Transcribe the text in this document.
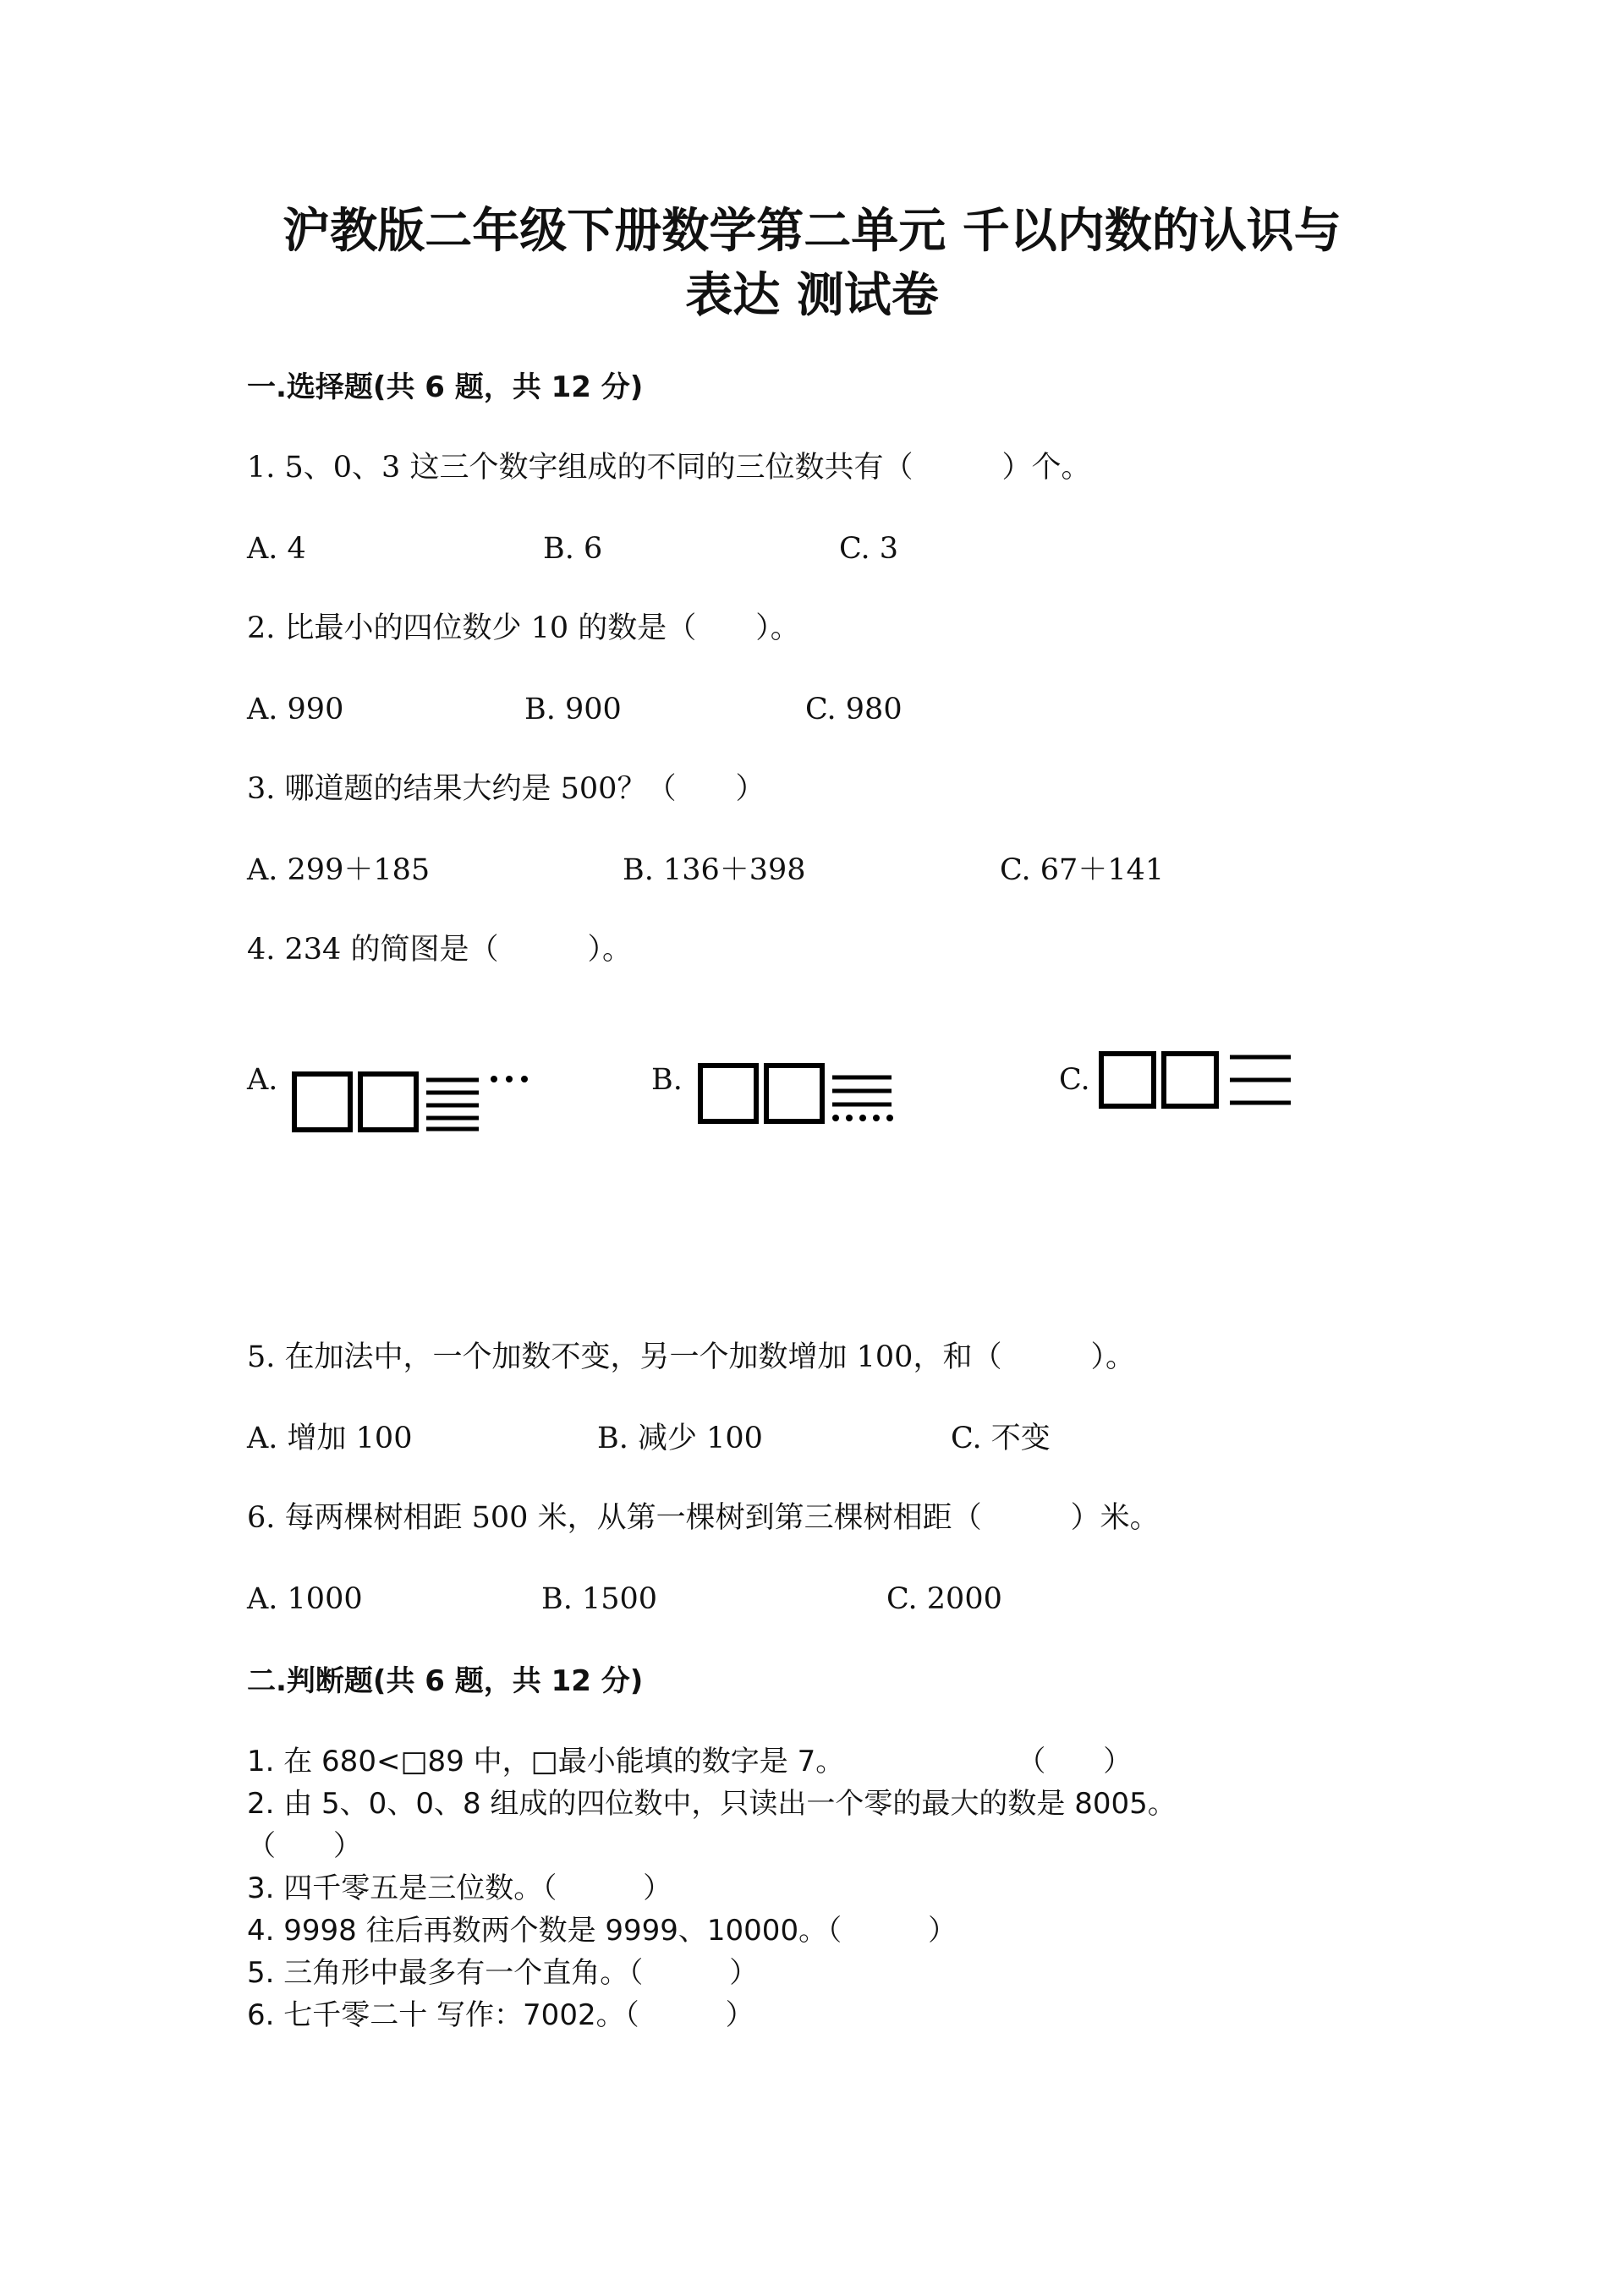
沪教版二年级下册数学第二单元 千以内数的认识与
表达 测试卷
一.选择题(共 6 题，共 12 分)
1. 5、0、3 这三个数字组成的不同的三位数共有（　　　）个。
A. 4	B. 6	C. 3
2. 比最小的四位数少 10 的数是（　　）。
A. 990	B. 900	C. 980
3. 哪道题的结果大约是 500？（　　）
A. 299＋185	B. 136＋398	C. 67＋141
4. 234 的简图是（　　　）。
A.	B.	C.
5. 在加法中，一个加数不变，另一个加数增加 100，和（　　　）。
A. 增加 100	B. 减少 100	C. 不变
6. 每两棵树相距 500 米，从第一棵树到第三棵树相距（　　　）米。
A. 1000	B. 1500	C. 2000
二.判断题(共 6 题，共 12 分)
1. 在 680<□89 中，□最小能填的数字是 7。　　　　　　　（　　）
2. 由 5、0、0、8 组成的四位数中，只读出一个零的最大的数是 8005。
（　　）
3. 四千零五是三位数。（　　　）
4. 9998 往后再数两个数是 9999、10000。（　　　）
5. 三角形中最多有一个直角。（　　　）
6. 七千零二十 写作：7002。（　　　）
